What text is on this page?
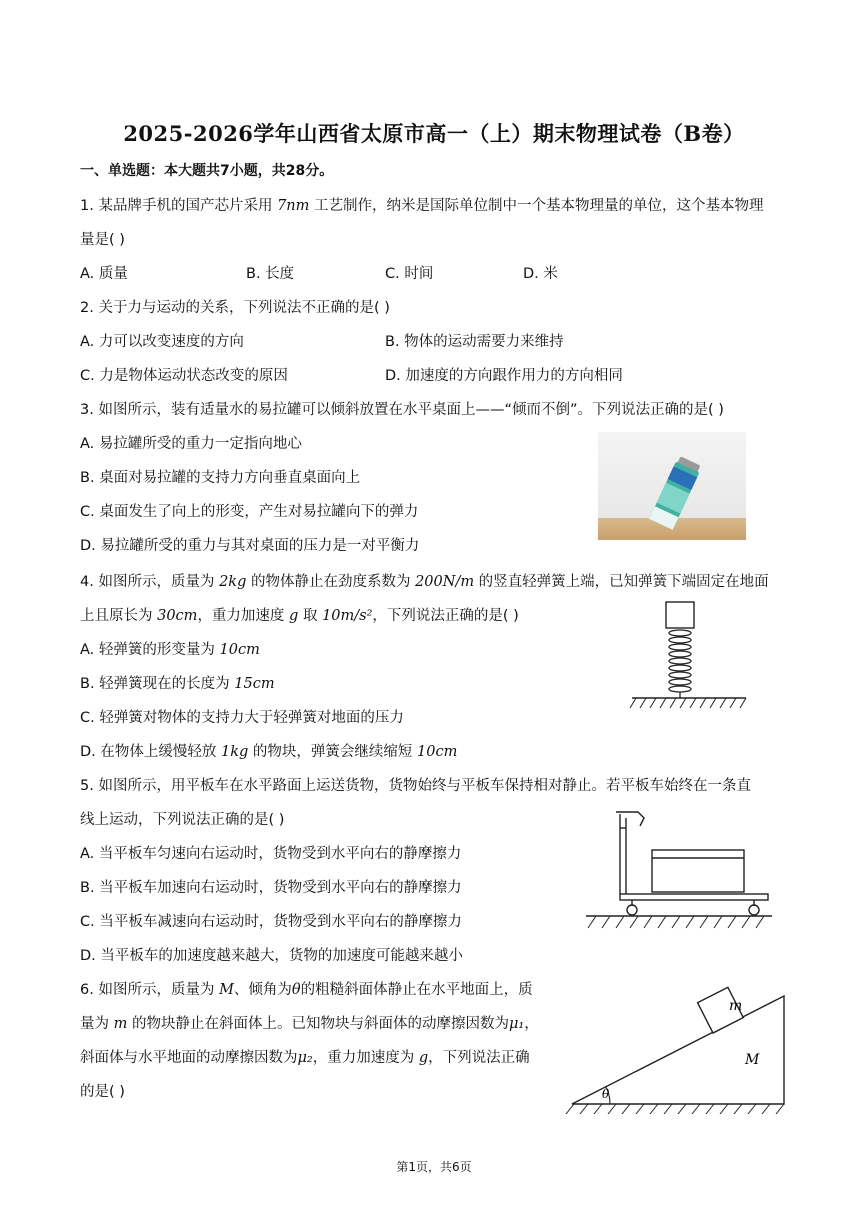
2025-2026学年山西省太原市高一（上）期末物理试卷（B卷）
一、单选题：本大题共7小题，共28分。
1. 某品牌手机的国产芯片采用 7nm 工艺制作，纳米是国际单位制中一个基本物理量的单位，这个基本物理
量是( )
A. 质量	B. 长度	C. 时间	D. 米
2. 关于力与运动的关系，下列说法不正确的是( )
A. 力可以改变速度的方向	B. 物体的运动需要力来维持
C. 力是物体运动状态改变的原因	D. 加速度的方向跟作用力的方向相同
3. 如图所示，装有适量水的易拉罐可以倾斜放置在水平桌面上——“倾而不倒”。下列说法正确的是( )
A. 易拉罐所受的重力一定指向地心
B. 桌面对易拉罐的支持力方向垂直桌面向上
C. 桌面发生了向上的形变，产生对易拉罐向下的弹力
D. 易拉罐所受的重力与其对桌面的压力是一对平衡力
4. 如图所示，质量为 2kg 的物体静止在劲度系数为 200N/m 的竖直轻弹簧上端，已知弹簧下端固定在地面
上且原长为 30cm，重力加速度 g 取 10m/s²，下列说法正确的是( )
A. 轻弹簧的形变量为 10cm
B. 轻弹簧现在的长度为 15cm
C. 轻弹簧对物体的支持力大于轻弹簧对地面的压力
D. 在物体上缓慢轻放 1kg 的物块，弹簧会继续缩短 10cm
5. 如图所示，用平板车在水平路面上运送货物，货物始终与平板车保持相对静止。若平板车始终在一条直
线上运动，下列说法正确的是( )
A. 当平板车匀速向右运动时，货物受到水平向右的静摩擦力
B. 当平板车加速向右运动时，货物受到水平向右的静摩擦力
C. 当平板车减速向右运动时，货物受到水平向右的静摩擦力
D. 当平板车的加速度越来越大，货物的加速度可能越来越小
6. 如图所示，质量为 M、倾角为θ的粗糙斜面体静止在水平地面上，质
量为 m 的物块静止在斜面体上。已知物块与斜面体的动摩擦因数为μ₁，
斜面体与水平地面的动摩擦因数为μ₂，重力加速度为 g，下列说法正确
的是( )
m
M
θ
第1页，共6页
